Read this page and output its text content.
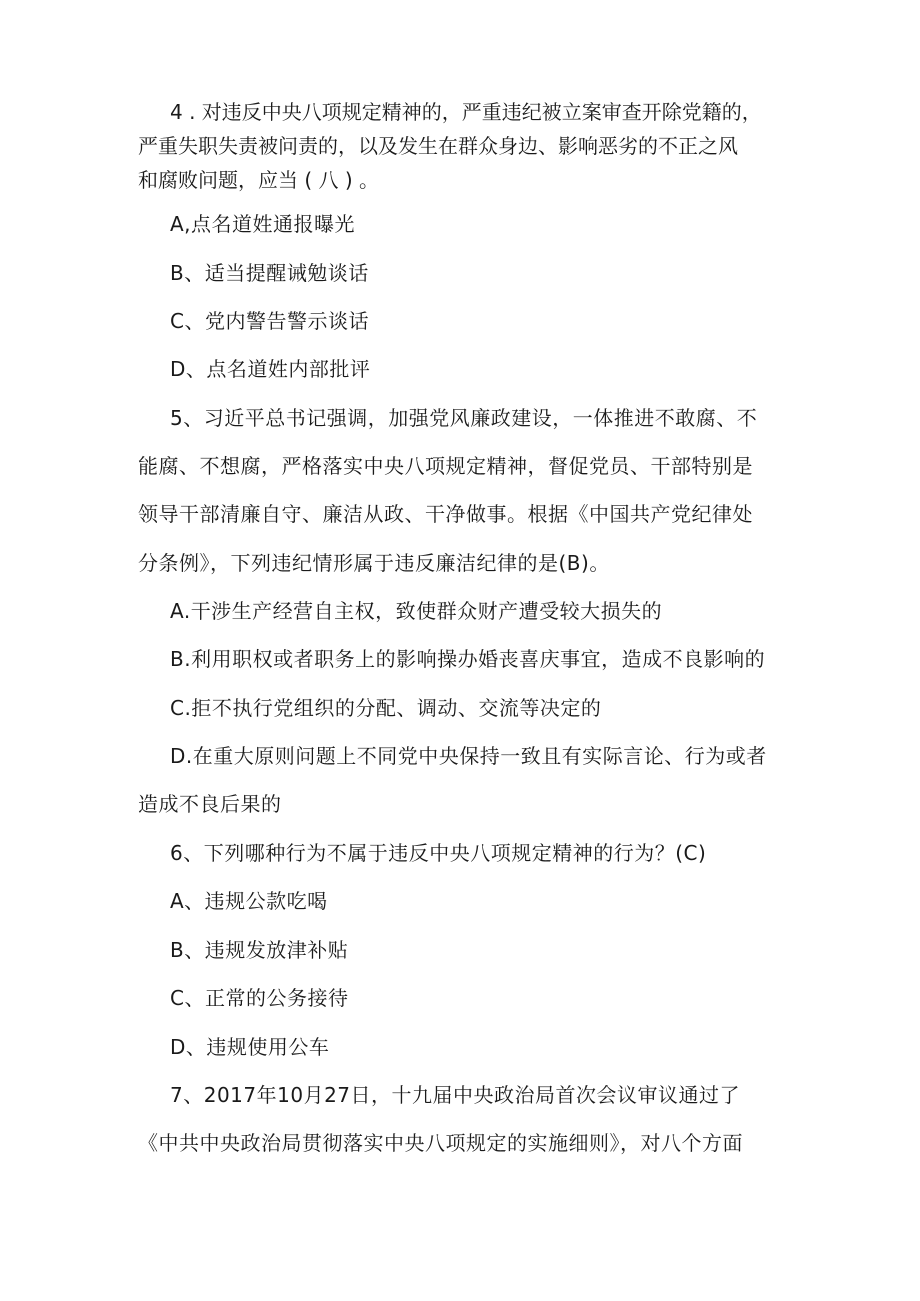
4 . 对违反中央八项规定精神的，严重违纪被立案审查开除党籍的，
严重失职失责被问责的，以及发生在群众身边、影响恶劣的不正之风
和腐败问题，应当 ( 八 ) 。
A,点名道姓通报曝光
B、适当提醒诫勉谈话
C、党内警告警示谈话
D、点名道姓内部批评
5、习近平总书记强调，加强党风廉政建设，一体推进不敢腐、不
能腐、不想腐，严格落实中央八项规定精神，督促党员、干部特别是
领导干部清廉自守、廉洁从政、干净做事。根据《中国共产党纪律处
分条例》，下列违纪情形属于违反廉洁纪律的是(B)。
A.干涉生产经营自主权，致使群众财产遭受较大损失的
B.利用职权或者职务上的影响操办婚丧喜庆事宜，造成不良影响的
C.拒不执行党组织的分配、调动、交流等决定的
D.在重大原则问题上不同党中央保持一致且有实际言论、行为或者
造成不良后果的
6、下列哪种行为不属于违反中央八项规定精神的行为？(C)
A、违规公款吃喝
B、违规发放津补贴
C、正常的公务接待
D、违规使用公车
7、2017年10月27日，十九届中央政治局首次会议审议通过了
《中共中央政治局贯彻落实中央八项规定的实施细则》，对八个方面
